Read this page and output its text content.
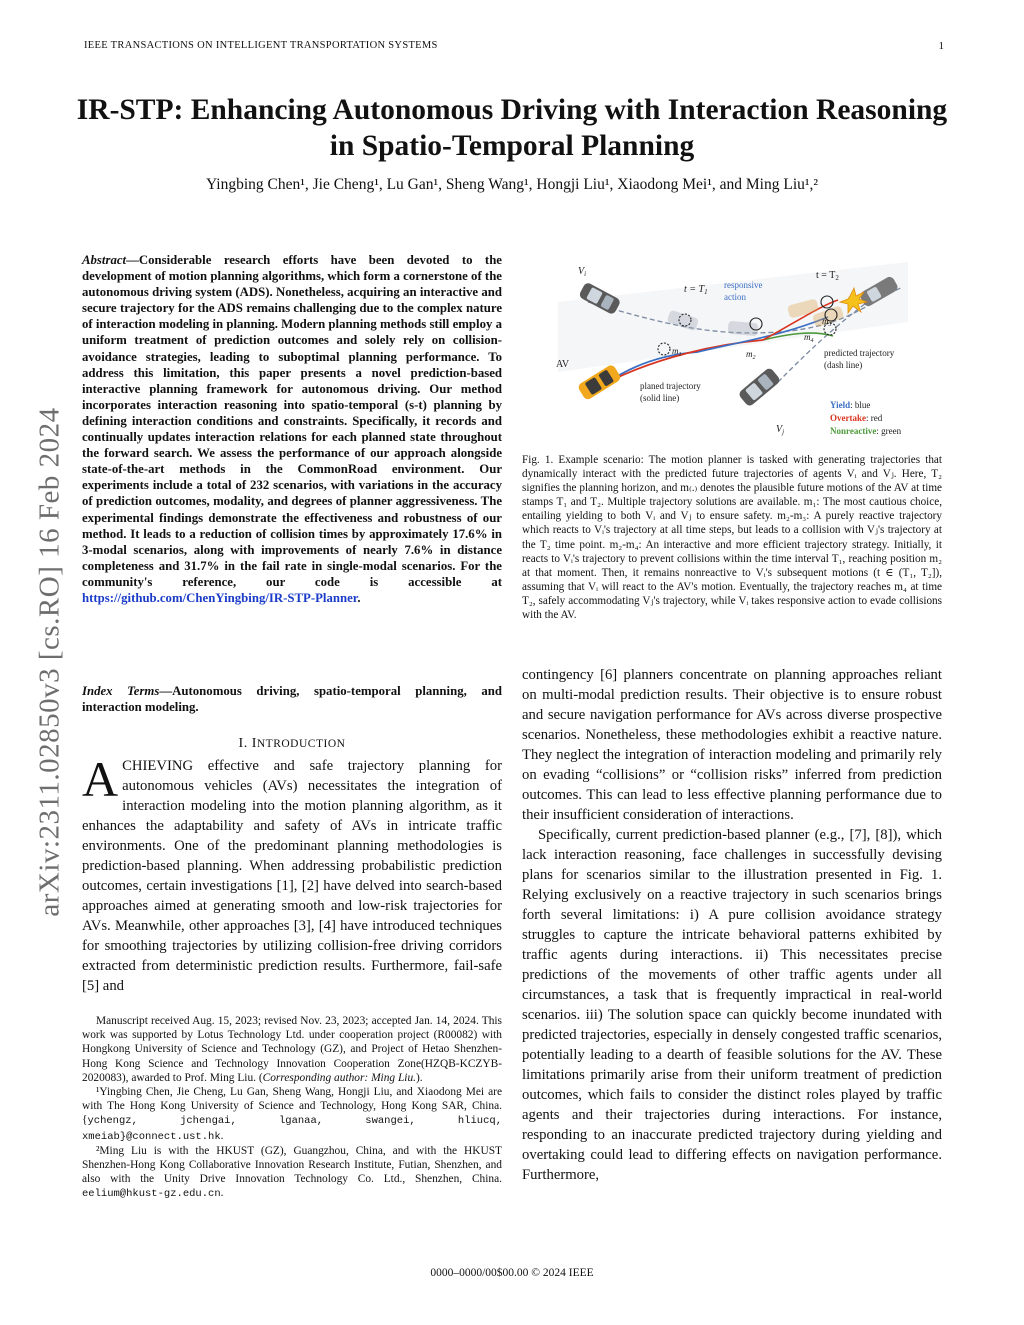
IEEE TRANSACTIONS ON INTELLIGENT TRANSPORTATION SYSTEMS	1
arXiv:2311.02850v3 [cs.RO] 16 Feb 2024
IR-STP: Enhancing Autonomous Driving with Interaction Reasoning
in Spatio-Temporal Planning
Yingbing Chen¹, Jie Cheng¹, Lu Gan¹, Sheng Wang¹, Hongji Liu¹, Xiaodong Mei¹, and Ming Liu¹,²
Abstract—Considerable research efforts have been devoted to the development of motion planning algorithms, which form a cornerstone of the autonomous driving system (ADS). Nonetheless, acquiring an interactive and secure trajectory for the ADS remains challenging due to the complex nature of interaction modeling in planning. Modern planning methods still employ a uniform treatment of prediction outcomes and solely rely on collision-avoidance strategies, leading to suboptimal planning performance. To address this limitation, this paper presents a novel prediction-based interactive planning framework for autonomous driving. Our method incorporates interaction reasoning into spatio-temporal (s-t) planning by defining interaction conditions and constraints. Specifically, it records and continually updates interaction relations for each planned state throughout the forward search. We assess the performance of our approach alongside state-of-the-art methods in the CommonRoad environment. Our experiments include a total of 232 scenarios, with variations in the accuracy of prediction outcomes, modality, and degrees of planner aggressiveness. The experimental findings demonstrate the effectiveness and robustness of our method. It leads to a reduction of collision times by approximately 17.6% in 3-modal scenarios, along with improvements of nearly 7.6% in distance completeness and 31.7% in the fail rate in single-modal scenarios. For the community's reference, our code is accessible at https://github.com/ChenYingbing/IR-STP-Planner.
Index Terms—Autonomous driving, spatio-temporal planning, and interaction modeling.
I. INTRODUCTION
ACHIEVING effective and safe trajectory planning for autonomous vehicles (AVs) necessitates the integration of interaction modeling into the motion planning algorithm, as it enhances the adaptability and safety of AVs in intricate traffic environments. One of the predominant planning methodologies is prediction-based planning. When addressing probabilistic prediction outcomes, certain investigations [1], [2] have delved into search-based approaches aimed at generating smooth and low-risk trajectories for AVs. Meanwhile, other approaches [3], [4] have introduced techniques for smoothing trajectories by utilizing collision-free driving corridors extracted from deterministic prediction results. Furthermore, fail-safe [5] and

Manuscript received Aug. 15, 2023; revised Nov. 23, 2023; accepted Jan. 14, 2024. This work was supported by Lotus Technology Ltd. under cooperation project (R00082) with Hongkong University of Science and Technology (GZ), and Project of Hetao Shenzhen-Hong Kong Science and Technology Innovation Cooperation Zone(HZQB-KCZYB-2020083), awarded to Prof. Ming Liu. (Corresponding author: Ming Liu.).

¹Yingbing Chen, Jie Cheng, Lu Gan, Sheng Wang, Hongji Liu, and Xiaodong Mei are with The Hong Kong University of Science and Technology, Hong Kong SAR, China. {ychengz, jchengai, lganaa, swangei, hliucq, xmeiab}@connect.ust.hk.

²Ming Liu is with the HKUST (GZ), Guangzhou, China, and with the HKUST Shenzhen-Hong Kong Collaborative Innovation Research Institute, Futian, Shenzhen, and also with the Unity Drive Innovation Technology Co. Ltd., Shenzhen, China. eelium@hkust-gz.edu.cn.

$V_i$
$V_j$
AV
$t = T_1$
$t = T_2$
responsive
action
$m_1$	$m_2$
$m_3$
$m_4$
planed trajectory
(solid line)
predicted trajectory
(dash line)
Yield: blue
Overtake: red
Nonreactive: green
Fig. 1. Example scenario: The motion planner is tasked with generating trajectories that dynamically interact with the predicted future trajectories of agents Vᵢ and Vⱼ. Here, T₂ signifies the planning horizon, and m₍.₎ denotes the plausible future motions of the AV at time stamps T₁ and T₂. Multiple trajectory solutions are available. m₁: The most cautious choice, entailing yielding to both Vᵢ and Vⱼ to ensure safety. m₂-m₃: A purely reactive trajectory which reacts to Vᵢ's trajectory at all time steps, but leads to a collision with Vⱼ's trajectory at the T₂ time point. m₂-m₄: An interactive and more efficient trajectory strategy. Initially, it reacts to Vᵢ's trajectory to prevent collisions within the time interval T₁, reaching position m₂ at that moment. Then, it remains nonreactive to Vᵢ's subsequent motions (t ∈ (T₁, T₂]), assuming that Vᵢ will react to the AV's motion. Eventually, the trajectory reaches m₄ at time T₂, safely accommodating Vⱼ's trajectory, while Vᵢ takes responsive action to evade collisions with the AV.

contingency [6] planners concentrate on planning approaches reliant on multi-modal prediction results. Their objective is to ensure robust and secure navigation performance for AVs across diverse prospective scenarios. Nonetheless, these methodologies exhibit a reactive nature. They neglect the integration of interaction modeling and primarily rely on evading “collisions” or “collision risks” inferred from prediction outcomes. This can lead to less effective planning performance due to their insufficient consideration of interactions.

Specifically, current prediction-based planner (e.g., [7], [8]), which lack interaction reasoning, face challenges in successfully devising plans for scenarios similar to the illustration presented in Fig. 1. Relying exclusively on a reactive trajectory in such scenarios brings forth several limitations: i) A pure collision avoidance strategy struggles to capture the intricate behavioral patterns exhibited by traffic agents during interactions. ii) This necessitates precise predictions of the movements of other traffic agents under all circumstances, a task that is frequently impractical in real-world scenarios. iii) The solution space can quickly become inundated with predicted trajectories, especially in densely congested traffic scenarios, potentially leading to a dearth of feasible solutions for the AV. These limitations primarily arise from their uniform treatment of prediction outcomes, which fails to consider the distinct roles played by traffic agents and their trajectories during interactions. For instance, responding to an inaccurate predicted trajectory during yielding and overtaking could lead to differing effects on navigation performance. Furthermore,

0000–0000/00$00.00 © 2024 IEEE
